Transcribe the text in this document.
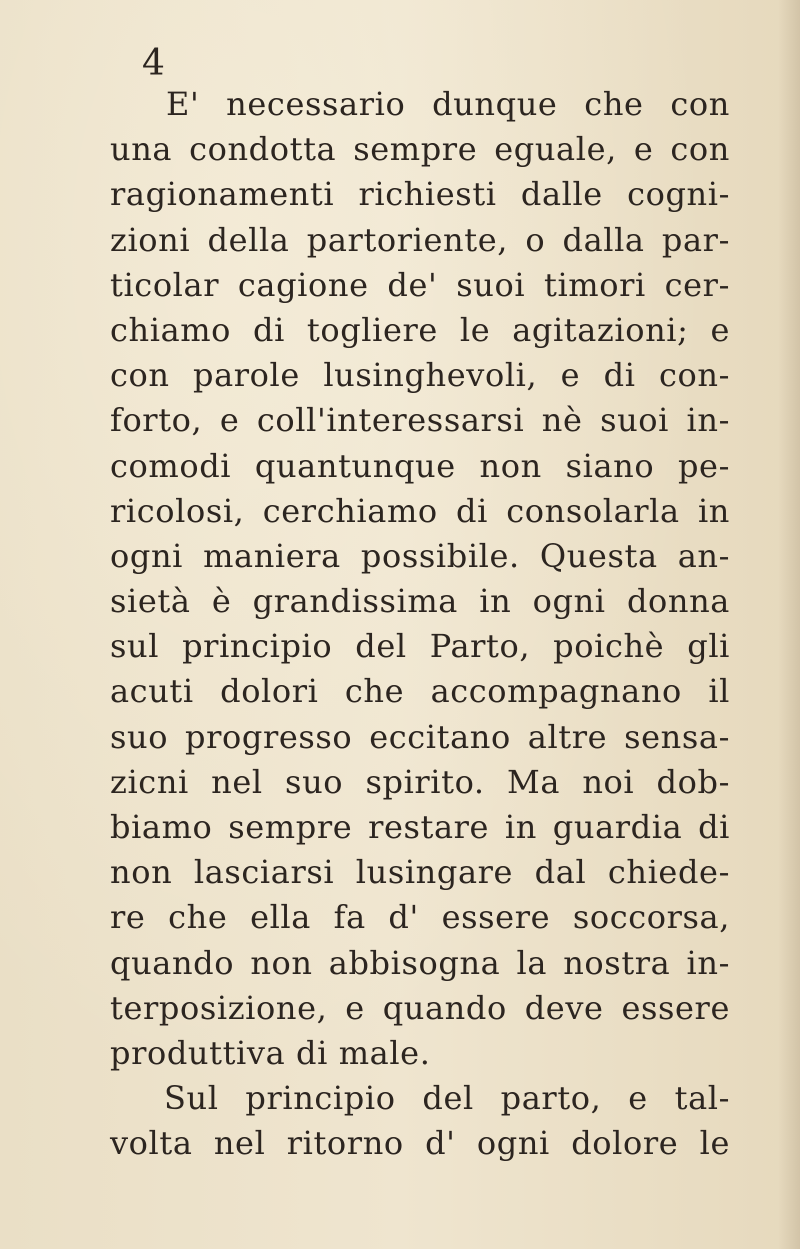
4
E' necessario dunque che con
una condotta sempre eguale, e con
ragionamenti richiesti dalle cogni-
zioni della partoriente, o dalla par-
ticolar cagione de' suoi timori cer-
chiamo di togliere le agitazioni; e
con parole lusinghevoli, e di con-
forto, e coll'interessarsi nè suoi in-
comodi quantunque non siano pe-
ricolosi, cerchiamo di consolarla in
ogni maniera possibile. Questa an-
sietà è grandissima in ogni donna
sul principio del Parto, poichè gli
acuti dolori che accompagnano il
suo progresso eccitano altre sensa-
zicni nel suo spirito. Ma noi dob-
biamo sempre restare in guardia di
non lasciarsi lusingare dal chiede-
re che ella fa d' essere soccorsa,
quando non abbisogna la nostra in-
terposizione, e quando deve essere
produttiva di male.
Sul principio del parto, e tal-
volta nel ritorno d' ogni dolore le
